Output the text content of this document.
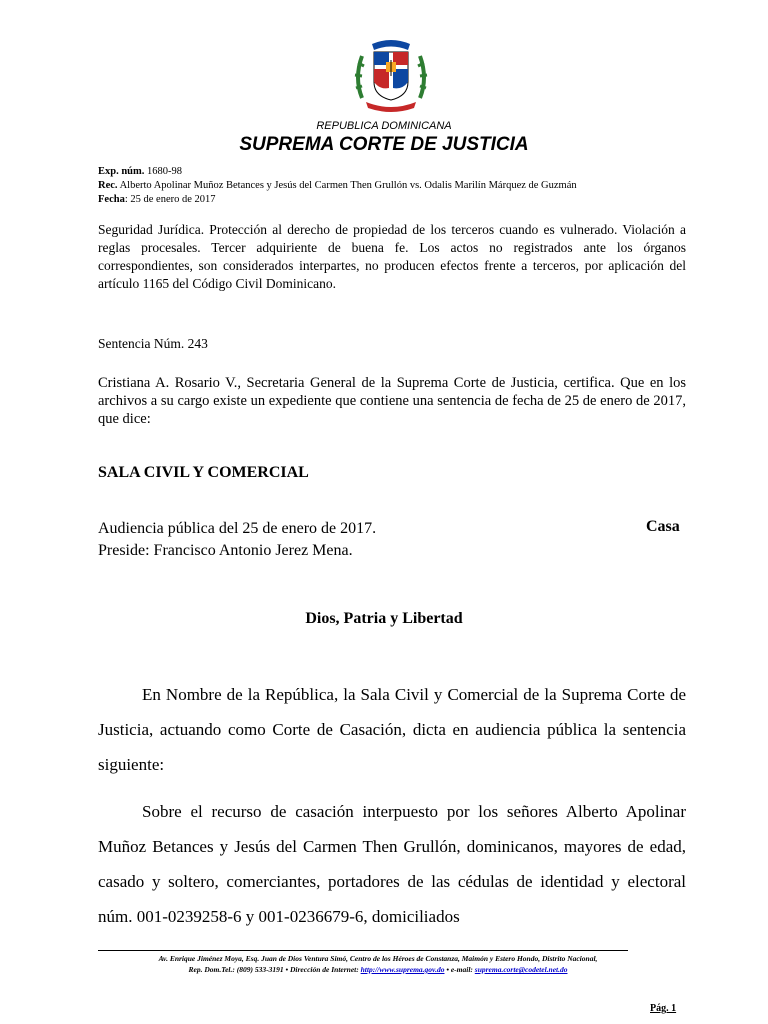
REPUBLICA DOMINICANA
SUPREMA CORTE DE JUSTICIA
Exp. núm. 1680-98
Rec. Alberto Apolinar Muñoz Betances y Jesús del Carmen Then Grullón vs. Odalis Marilín Márquez de Guzmán
Fecha: 25 de enero de 2017
Seguridad Jurídica. Protección al derecho de propiedad de los terceros cuando es vulnerado. Violación a reglas procesales. Tercer adquiriente de buena fe. Los actos no registrados ante los órganos correspondientes, son considerados interpartes, no producen efectos frente a terceros, por aplicación del artículo 1165 del Código Civil Dominicano.
Sentencia Núm. 243
Cristiana A. Rosario V., Secretaria General de la Suprema Corte de Justicia, certifica. Que en los archivos a su cargo existe un expediente que contiene una sentencia de fecha de 25 de enero de 2017, que dice:
SALA CIVIL Y COMERCIAL
Audiencia pública del 25 de enero de 2017.
Preside: Francisco Antonio Jerez Mena.
Casa
Dios, Patria y Libertad
En Nombre de la República, la Sala Civil y Comercial de la Suprema Corte de Justicia, actuando como Corte de Casación, dicta en audiencia pública la sentencia siguiente:
Sobre el recurso de casación interpuesto por los señores Alberto Apolinar Muñoz Betances y Jesús del Carmen Then Grullón, dominicanos, mayores de edad, casado y soltero, comerciantes, portadores de las cédulas de identidad y electoral núm. 001-0239258-6 y 001-0236679-6, domiciliados
Av. Enrique Jiménez Moya, Esq. Juan de Dios Ventura Simó, Centro de los Héroes de Constanza, Maimón y Estero Hondo, Distrito Nacional,
Rep. Dom.Tel.: (809) 533-3191 • Dirección de Internet: http://www.suprema.gov.do • e-mail: suprema.corte@codetel.net.do
Pág. 1
